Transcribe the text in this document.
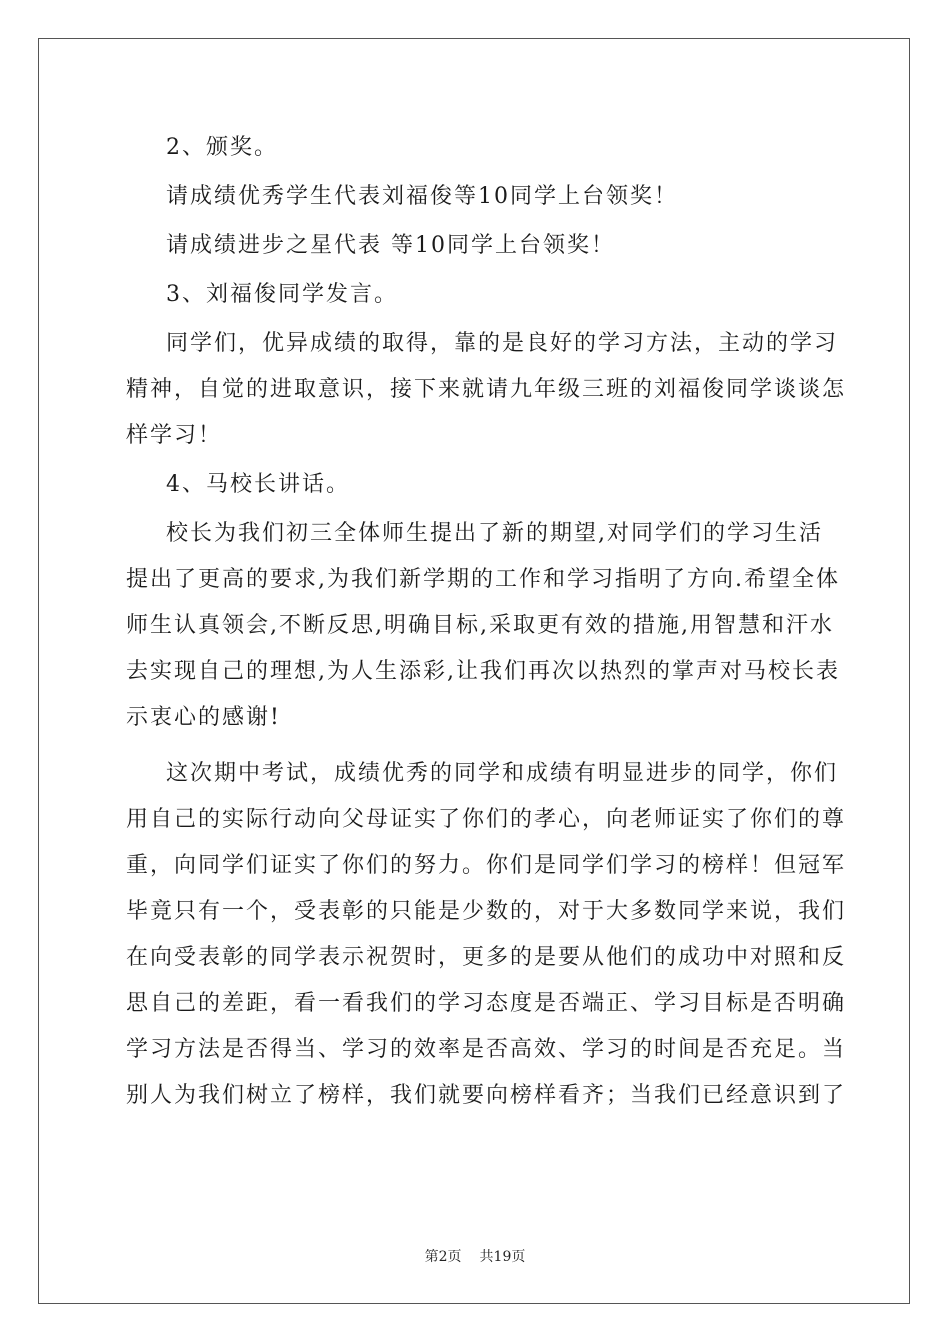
2、颁奖。
请成绩优秀学生代表刘福俊等10同学上台领奖！
请成绩进步之星代表 等10同学上台领奖！
3、刘福俊同学发言。
同学们，优异成绩的取得，靠的是良好的学习方法，主动的学习
精神，自觉的进取意识，接下来就请九年级三班的刘福俊同学谈谈怎
样学习！
4、马校长讲话。
校长为我们初三全体师生提出了新的期望,对同学们的学习生活
提出了更高的要求,为我们新学期的工作和学习指明了方向.希望全体
师生认真领会,不断反思,明确目标,采取更有效的措施,用智慧和汗水
去实现自己的理想,为人生添彩,让我们再次以热烈的掌声对马校长表
示衷心的感谢!
这次期中考试，成绩优秀的同学和成绩有明显进步的同学，你们
用自己的实际行动向父母证实了你们的孝心，向老师证实了你们的尊
重，向同学们证实了你们的努力。你们是同学们学习的榜样！但冠军
毕竟只有一个，受表彰的只能是少数的，对于大多数同学来说，我们
在向受表彰的同学表示祝贺时，更多的是要从他们的成功中对照和反
思自己的差距，看一看我们的学习态度是否端正、学习目标是否明确
学习方法是否得当、学习的效率是否高效、学习的时间是否充足。当
别人为我们树立了榜样，我们就要向榜样看齐；当我们已经意识到了
第2页 共19页
